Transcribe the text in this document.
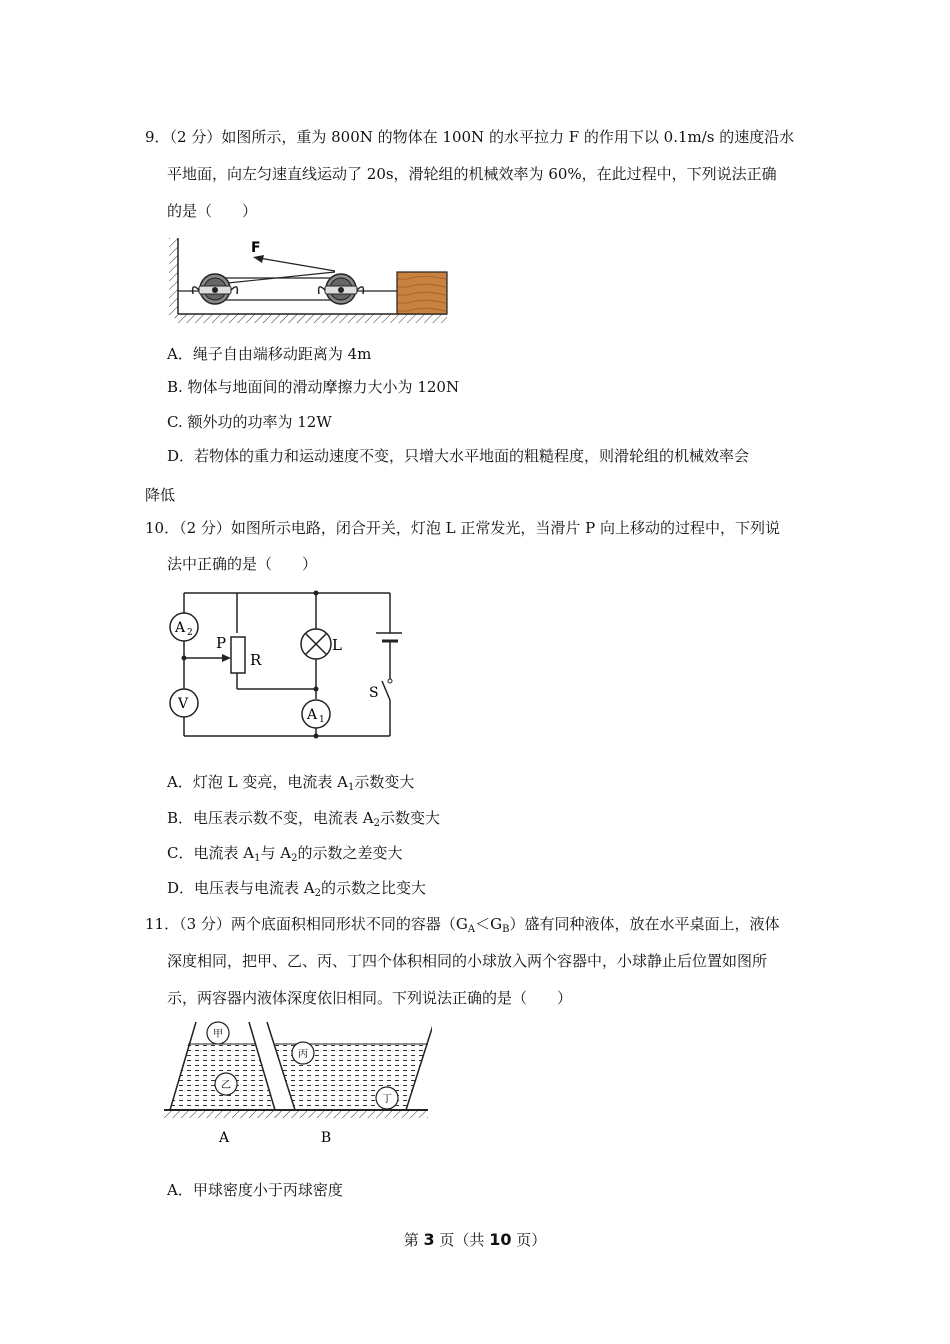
9．（2 分）如图所示，重为 800N 的物体在 100N 的水平拉力 F 的作用下以 0.1m/s 的速度沿水
平地面，向左匀速直线运动了 20s，滑轮组的机械效率为 60%，在此过程中，下列说法正确
的是（　　）
F
A．绳子自由端移动距离为 4m
B. 物体与地面间的滑动摩擦力大小为 120N
C. 额外功的功率为 12W
D．若物体的重力和运动速度不变，只增大水平地面的粗糙程度，则滑轮组的机械效率会
降低
10．（2 分）如图所示电路，闭合开关，灯泡 L 正常发光，当滑片 P 向上移动的过程中，下列说
法中正确的是（　　）
S
P
R
L
A 2
V
A 1
A．灯泡 L 变亮，电流表 $A_1$示数变大
B．电压表示数不变，电流表 $A_2$示数变大
C．电流表 $A_1$与 $A_2$的示数之差变大
D．电压表与电流表 $A_2$的示数之比变大
11．（3 分）两个底面积相同形状不同的容器$(G_A<G_B)$盛有同种液体，放在水平桌面上，液体
深度相同，把甲、乙、丙、丁四个体积相同的小球放入两个容器中，小球静止后位置如图所
示，两容器内液体深度依旧相同。下列说法正确的是（　　）
甲
乙
丙
丁
A	B
A．甲球密度小于丙球密度
第 3 页（共 10 页）
